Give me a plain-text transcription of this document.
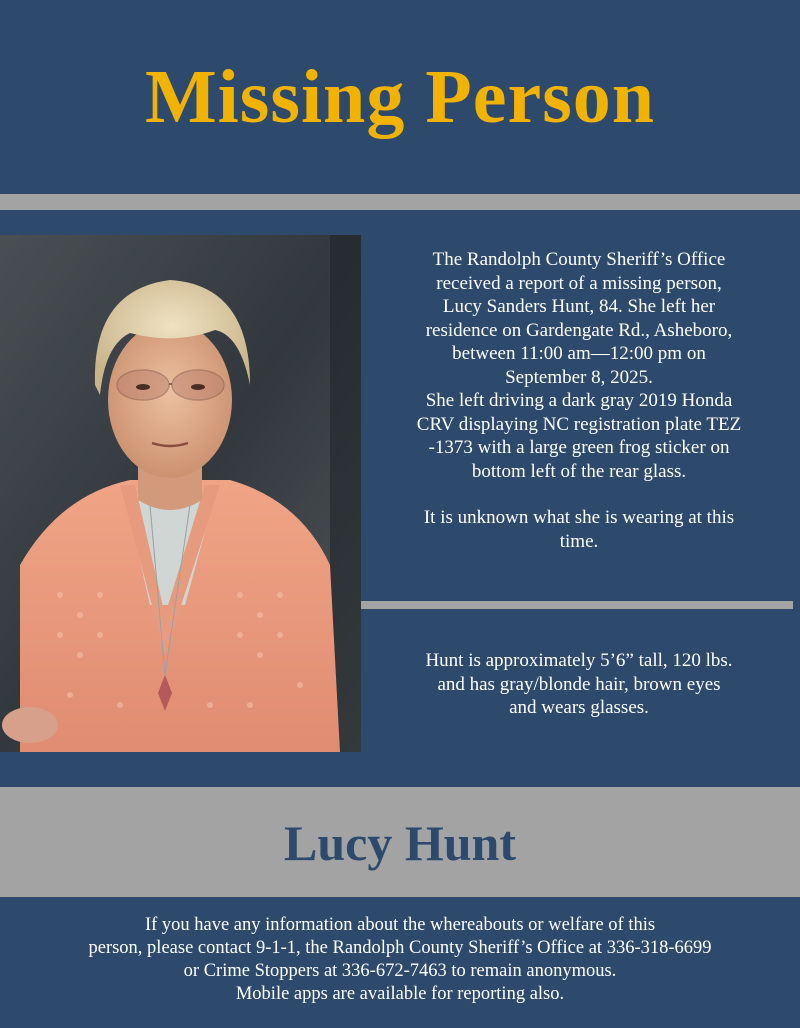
Missing Person

The Randolph County Sheriff’s Office

received a report of a missing person,

Lucy Sanders Hunt, 84. She left her

residence on Gardengate Rd., Asheboro,

between 11:00 am—12:00 pm on

September 8, 2025.

She left driving a dark gray 2019 Honda

CRV displaying NC registration plate TEZ

-1373 with a large green frog sticker on

bottom left of the rear glass.

It is unknown what she is wearing at this

time.

Hunt is approximately 5’6” tall, 120 lbs.
and has gray/blonde hair, brown eyes
and wears glasses.
Lucy Hunt
If you have any information about the whereabouts or welfare of this
person, please contact 9-1-1, the Randolph County Sheriff’s Office at 336-318-6699
or Crime Stoppers at 336-672-7463 to remain anonymous.
Mobile apps are available for reporting also.
